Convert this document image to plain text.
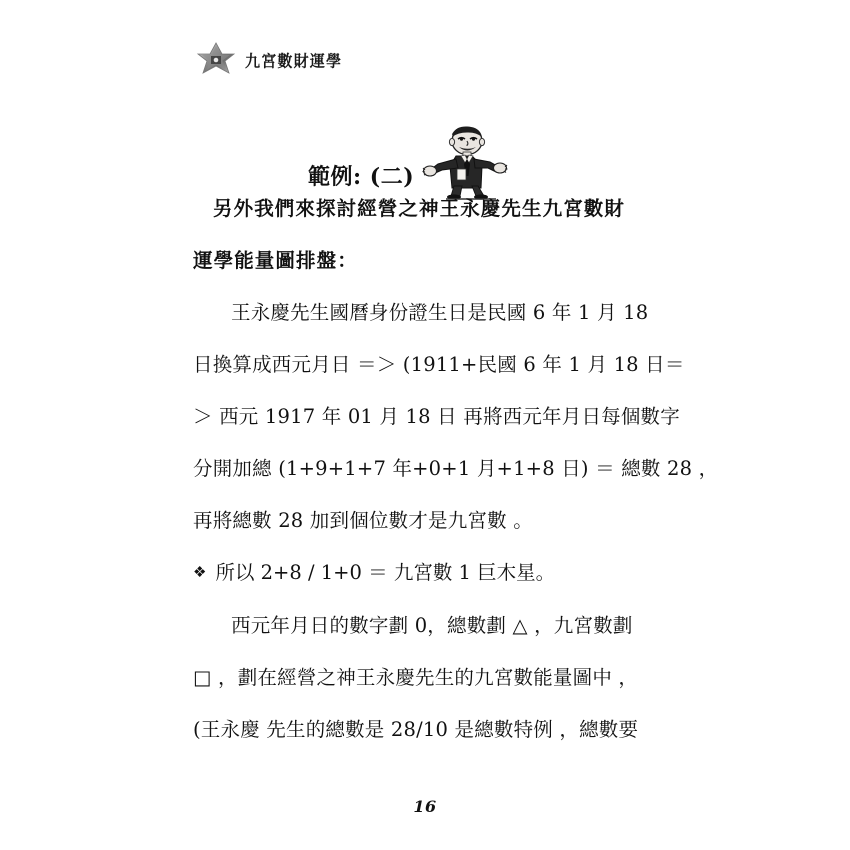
九宮數財運學
範例: (二)
另外我們來探討經營之神王永慶先生九宮數財
運學能量圖排盤：
王永慶先生國曆身份證生日是民國 6 年 1 月 18
日換算成西元月日 ＝＞ (1911+民國 6 年 1 月 18 日＝
＞ 西元 1917 年 01 月 18 日 再將西元年月日每個數字
分開加總 (1+9+1+7 年+0+1 月+1+8 日) ＝ 總數 28 ，
再將總數 28 加到個位數才是九宮數 。
❖ 所以 2+8 / 1+0 ＝ 九宮數 1 巨木星。
西元年月日的數字劃 0，總數劃 △ ，九宮數劃
□ ，劃在經營之神王永慶先生的九宮數能量圖中 ，
(王永慶 先生的總數是 28/10 是總數特例 ，總數要
16
